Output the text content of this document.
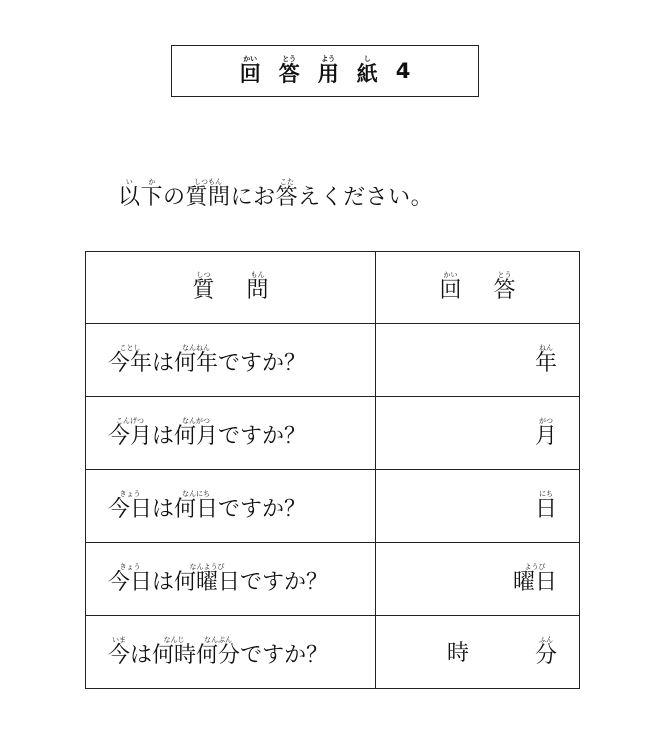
回かい
答とう
用よう
紙し
4
以い下かの質問しつもんにお答こたえください。
質しつ問もん	回かい答とう
今年ことしは何年なんねんですか？	年ねん
今月こんげつは何月なんがつですか？	月がつ
今日きょうは何日なんにちですか？	日にち
今日きょうは何曜日なんようびですか？	曜日ようび
今いまは何時なんじ何分なんぷんですか？	時 分ふん
